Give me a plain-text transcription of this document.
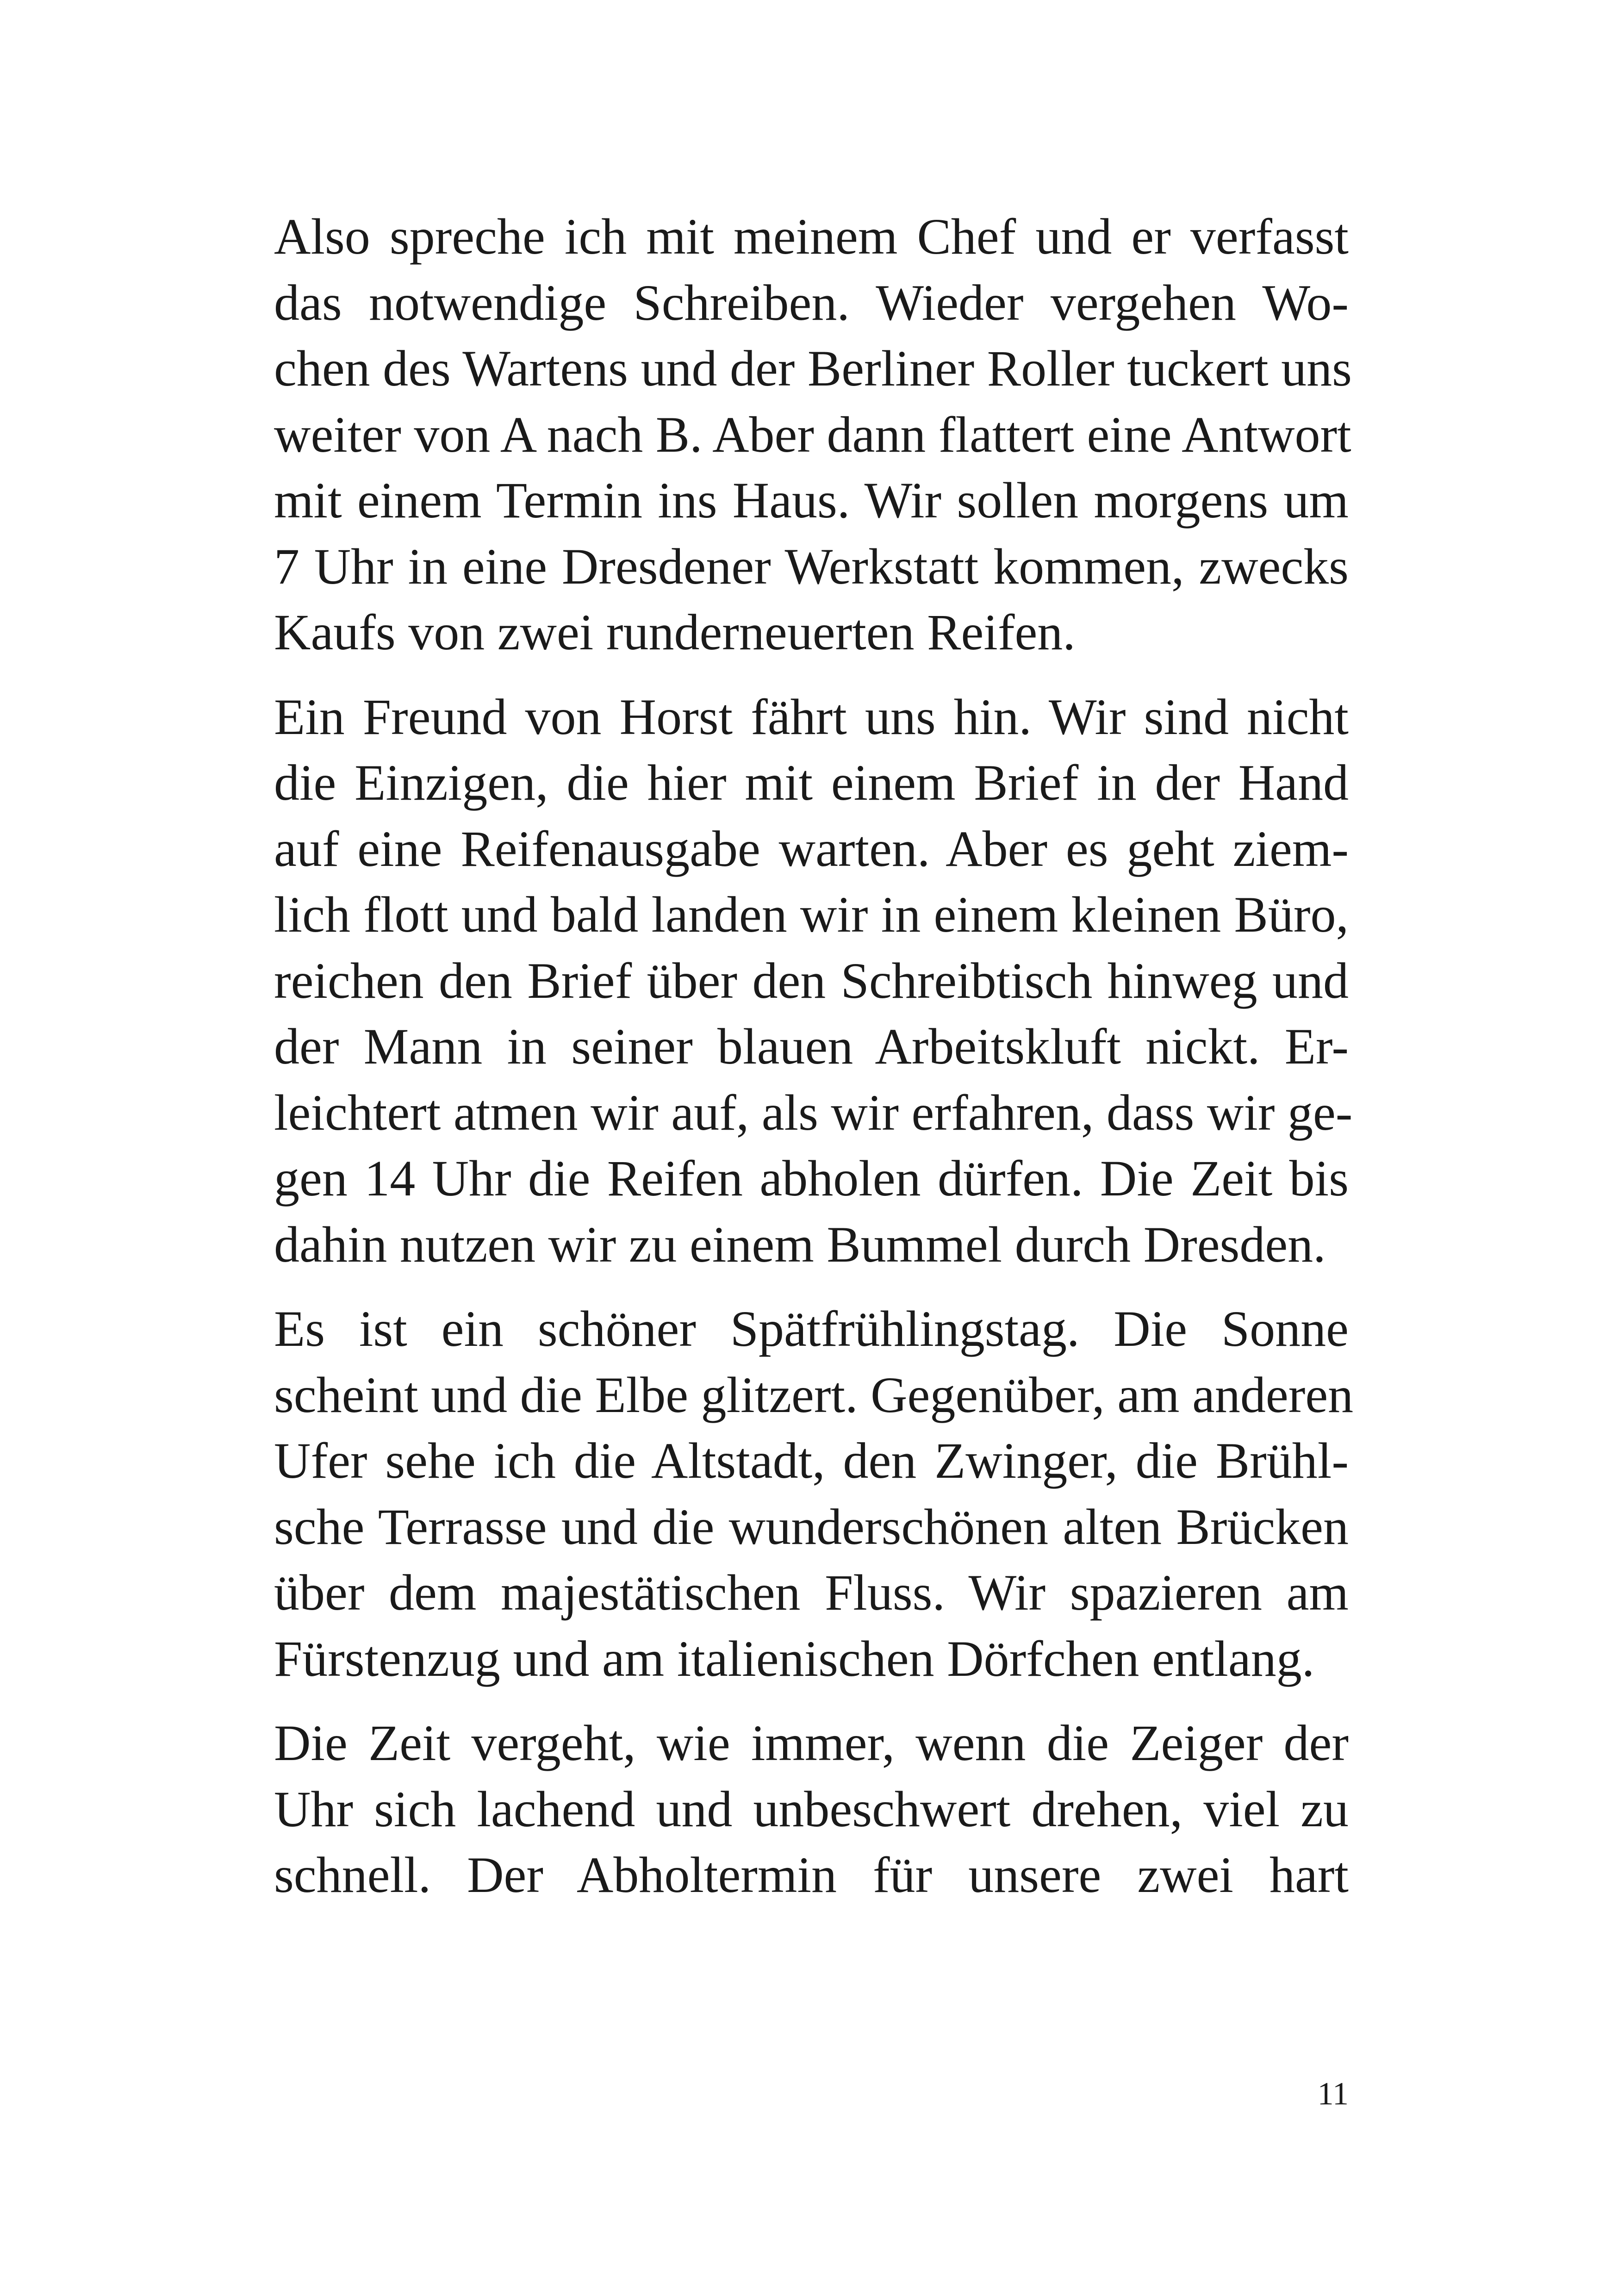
Also spreche ich mit meinem Chef und er verfasst
das notwendige Schreiben. Wieder vergehen Wo-
chen des Wartens und der Berliner Roller tuckert uns
weiter von A nach B. Aber dann flattert eine Antwort
mit einem Termin ins Haus. Wir sollen morgens um
7 Uhr in eine Dresdener Werkstatt kommen, zwecks
Kaufs von zwei runderneuerten Reifen.
Ein Freund von Horst fährt uns hin. Wir sind nicht
die Einzigen, die hier mit einem Brief in der Hand
auf eine Reifenausgabe warten. Aber es geht ziem-
lich flott und bald landen wir in einem kleinen Büro,
reichen den Brief über den Schreibtisch hinweg und
der Mann in seiner blauen Arbeitskluft nickt. Er-
leichtert atmen wir auf, als wir erfahren, dass wir ge-
gen 14 Uhr die Reifen abholen dürfen. Die Zeit bis
dahin nutzen wir zu einem Bummel durch Dresden.
Es ist ein schöner Spätfrühlingstag. Die Sonne
scheint und die Elbe glitzert. Gegenüber, am anderen
Ufer sehe ich die Altstadt, den Zwinger, die Brühl-
sche Terrasse und die wunderschönen alten Brücken
über dem majestätischen Fluss. Wir spazieren am
Fürstenzug und am italienischen Dörfchen entlang.
Die Zeit vergeht, wie immer, wenn die Zeiger der
Uhr sich lachend und unbeschwert drehen, viel zu
schnell. Der Abholtermin für unsere zwei hart
11
